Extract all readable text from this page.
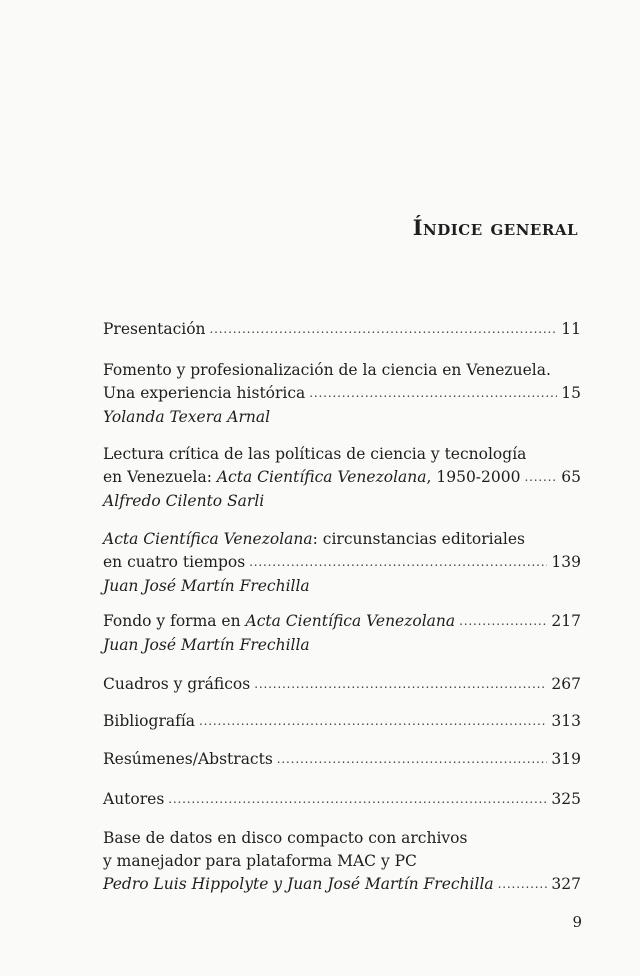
Índice general
Presentación . . .	11
Fomento y profesionalización de la ciencia en Venezuela.
Una experiencia histórica . . .	15
Yolanda Texera Arnal
Lectura crítica de las políticas de ciencia y tecnología
en Venezuela: Acta Científica Venezolana, 1950-2000 . . .	65
Alfredo Cilento Sarli
Acta Científica Venezolana: circunstancias editoriales
en cuatro tiempos . . .	139
Juan José Martín Frechilla
Fondo y forma en Acta Científica Venezolana . . .	217
Juan José Martín Frechilla
Cuadros y gráficos . . .	267
Bibliografía . . .	313
Resúmenes/Abstracts . . .	319
Autores . . .	325
Base de datos en disco compacto con archivos
y manejador para plataforma MAC y PC
Pedro Luis Hippolyte y Juan José Martín Frechilla . . .	327
9
